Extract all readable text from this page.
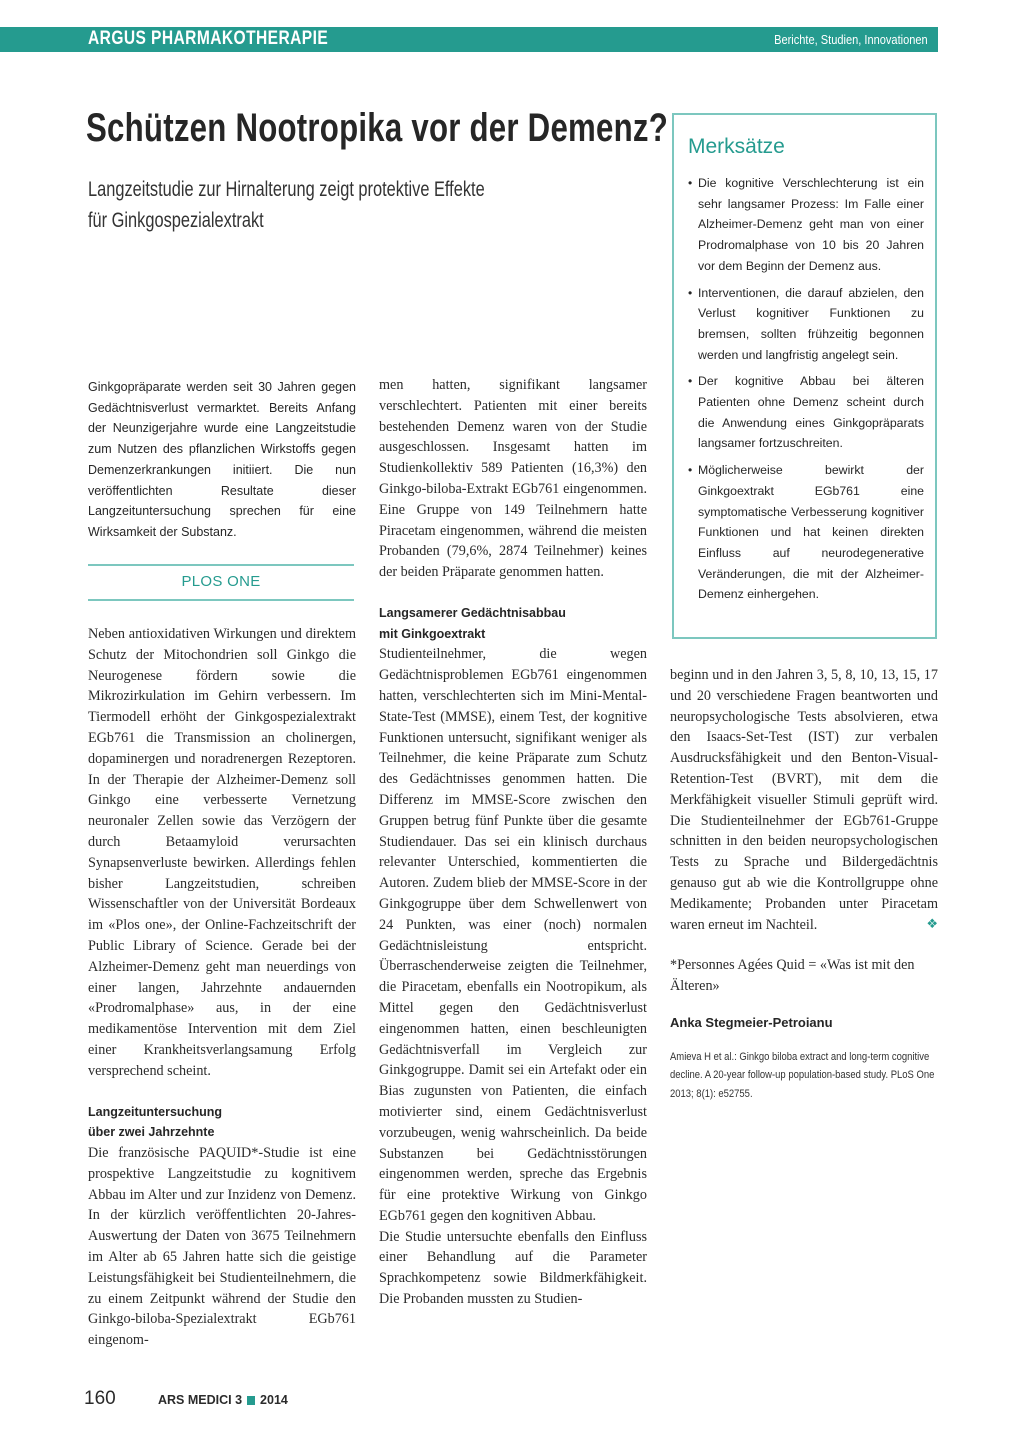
ARGUS PHARMAKOTHERAPIE	Berichte, Studien, Innovationen
Schützen Nootropika vor der Demenz?
Langzeitstudie zur Hirnalterung zeigt protektive Effekte
für Ginkgospezialextrakt
Merksätze
• Die kognitive Verschlechterung ist ein sehr langsamer Prozess: Im Falle einer Alzheimer-Demenz geht man von einer Prodromalphase von 10 bis 20 Jahren vor dem Beginn der Demenz aus.
• Interventionen, die darauf abzielen, den Verlust kognitiver Funktionen zu bremsen, sollten frühzeitig begonnen werden und langfristig angelegt sein.
• Der kognitive Abbau bei älteren Patienten ohne Demenz scheint durch die Anwendung eines Ginkgopräparats langsamer fortzuschreiten.
• Möglicherweise bewirkt der Ginkgoextrakt EGb761 eine symptomatische Verbesserung kognitiver Funktionen und hat keinen direkten Einfluss auf neurodegenerative Veränderungen, die mit der Alzheimer-Demenz einhergehen.

Ginkgopräparate werden seit 30 Jahren gegen Gedächtnisverlust vermarktet. Bereits Anfang der Neunzigerjahre wurde eine Langzeitstudie zum Nutzen des pflanzlichen Wirkstoffs gegen Demenzerkrankungen initiiert. Die nun veröffentlichten Resultate dieser Langzeituntersuchung sprechen für eine Wirksamkeit der Substanz.

PLOS ONE

Neben antioxidativen Wirkungen und direktem Schutz der Mitochondrien soll Ginkgo die Neurogenese fördern sowie die Mikrozirkulation im Gehirn verbessern. Im Tiermodell erhöht der Ginkgospezialextrakt EGb761 die Transmission an cholinergen, dopaminergen und noradrenergen Rezeptoren. In der Therapie der Alzheimer-Demenz soll Ginkgo eine verbesserte Vernetzung neuronaler Zellen sowie das Verzögern der durch Betaamyloid verursachten Synapsenverluste bewirken. Allerdings fehlen bisher Langzeitstudien, schreiben Wissenschaftler von der Universität Bordeaux im «Plos one», der Online-Fachzeitschrift der Public Library of Science. Gerade bei der Alzheimer-Demenz geht man neuerdings von einer langen, Jahrzehnte andauernden «Prodromalphase» aus, in der eine medikamentöse Intervention mit dem Ziel einer Krankheitsverlangsamung Erfolg versprechend scheint.

Langzeituntersuchung
über zwei Jahrzehnte

Die französische PAQUID*-Studie ist eine prospektive Langzeitstudie zu kognitivem Abbau im Alter und zur Inzidenz von Demenz. In der kürzlich veröffentlichten 20-Jahres-Auswertung der Daten von 3675 Teilnehmern im Alter ab 65 Jahren hatte sich die geistige Leistungsfähigkeit bei Studienteilnehmern, die zu einem Zeitpunkt während der Studie den Ginkgo-biloba-Spezialextrakt EGb761 eingenom-

men hatten, signifikant langsamer verschlechtert. Patienten mit einer bereits bestehenden Demenz waren von der Studie ausgeschlossen. Insgesamt hatten im Studienkollektiv 589 Patienten (16,3%) den Ginkgo-biloba-Extrakt EGb761 eingenommen. Eine Gruppe von 149 Teilnehmern hatte Piracetam eingenommen, während die meisten Probanden (79,6%, 2874 Teilnehmer) keines der beiden Präparate genommen hatten.

Langsamerer Gedächtnisabbau
mit Ginkgoextrakt

Studienteilnehmer, die wegen Gedächtnisproblemen EGb761 eingenommen hatten, verschlechterten sich im Mini-Mental-State-Test (MMSE), einem Test, der kognitive Funktionen untersucht, signifikant weniger als Teilnehmer, die keine Präparate zum Schutz des Gedächtnisses genommen hatten. Die Differenz im MMSE-Score zwischen den Gruppen betrug fünf Punkte über die gesamte Studiendauer. Das sei ein klinisch durchaus relevanter Unterschied, kommentierten die Autoren. Zudem blieb der MMSE-Score in der Ginkgogruppe über dem Schwellenwert von 24 Punkten, was einer (noch) normalen Gedächtnisleistung entspricht. Überraschenderweise zeigten die Teilnehmer, die Piracetam, ebenfalls ein Nootropikum, als Mittel gegen den Gedächtnisverlust eingenommen hatten, einen beschleunigten Gedächtnisverfall im Vergleich zur Ginkgogruppe. Damit sei ein Artefakt oder ein Bias zugunsten von Patienten, die einfach motivierter sind, einem Gedächtnisverlust vorzubeugen, wenig wahrscheinlich. Da beide Substanzen bei Gedächtnisstörungen eingenommen werden, spreche das Ergebnis für eine protektive Wirkung von Ginkgo EGb761 gegen den kognitiven Abbau.

Die Studie untersuchte ebenfalls den Einfluss einer Behandlung auf die Parameter Sprachkompetenz sowie Bildmerkfähigkeit. Die Probanden mussten zu Studien-

beginn und in den Jahren 3, 5, 8, 10, 13, 15, 17 und 20 verschiedene Fragen beantworten und neuropsychologische Tests absolvieren, etwa den Isaacs-Set-Test (IST) zur verbalen Ausdrucksfähigkeit und den Benton-Visual-Retention-Test (BVRT), mit dem die Merkfähigkeit visueller Stimuli geprüft wird. Die Studienteilnehmer der EGb761-Gruppe schnitten in den beiden neuropsychologischen Tests zu Sprache und Bildergedächtnis genauso gut ab wie die Kontrollgruppe ohne Medikamente; Probanden unter Piracetam waren erneut im Nachteil.	❖

*Personnes Agées Quid = «Was ist mit den Älteren»

Anka Stegmeier-Petroianu

Amieva H et al.: Ginkgo biloba extract and long-term cognitive decline. A 20-year follow-up population-based study. PLoS One 2013; 8(1): e52755.

160	ARS MEDICI 3 2014
